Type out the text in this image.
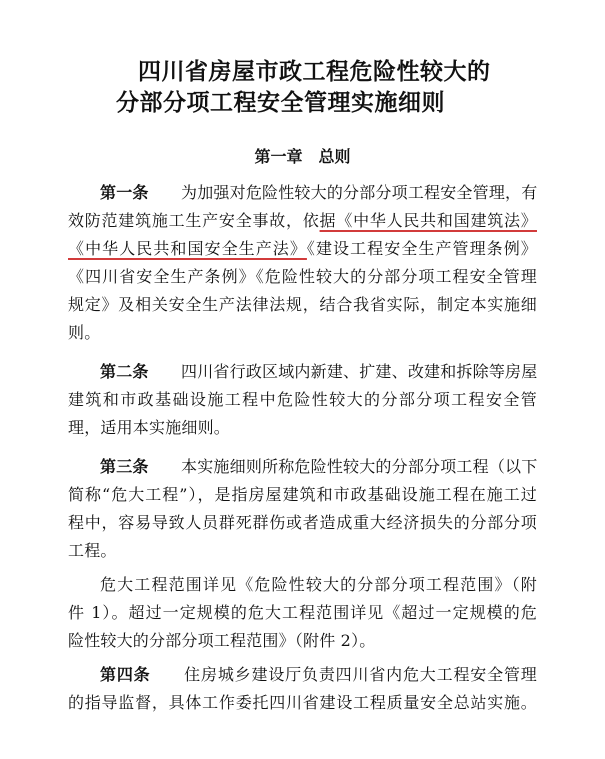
四川省房屋市政工程危险性较大的
分部分项工程安全管理实施细则
第一章　总则
第一条　　 为加强对危险性较大的分部分项工程安全管理，有
效防范建筑施工生产安全事故，依据《中华人民共和国建筑法》
《中华人民共和国安全生产法》《建设工程安全生产管理条例》
《四川省安全生产条例》《危险性较大的分部分项工程安全管理
规定》及相关安全生产法律法规，结合我省实际，制定本实施细
则。
第二条　　 四川省行政区域内新建、扩建、改建和拆除等房屋
建筑和市政基础设施工程中危险性较大的分部分项工程安全管
理，适用本实施细则。
第三条　　 本实施细则所称危险性较大的分部分项工程（以下
简称“危大工程”），是指房屋建筑和市政基础设施工程在施工过
程中，容易导致人员群死群伤或者造成重大经济损失的分部分项
工程。
危大工程范围详见《危险性较大的分部分项工程范围》（附
件 1）。超过一定规模的危大工程范围详见《超过一定规模的危
险性较大的分部分项工程范围》（附件 2）。
第四条　　 住房城乡建设厅负责四川省内危大工程安全管理
的指导监督，具体工作委托四川省建设工程质量安全总站实施。
